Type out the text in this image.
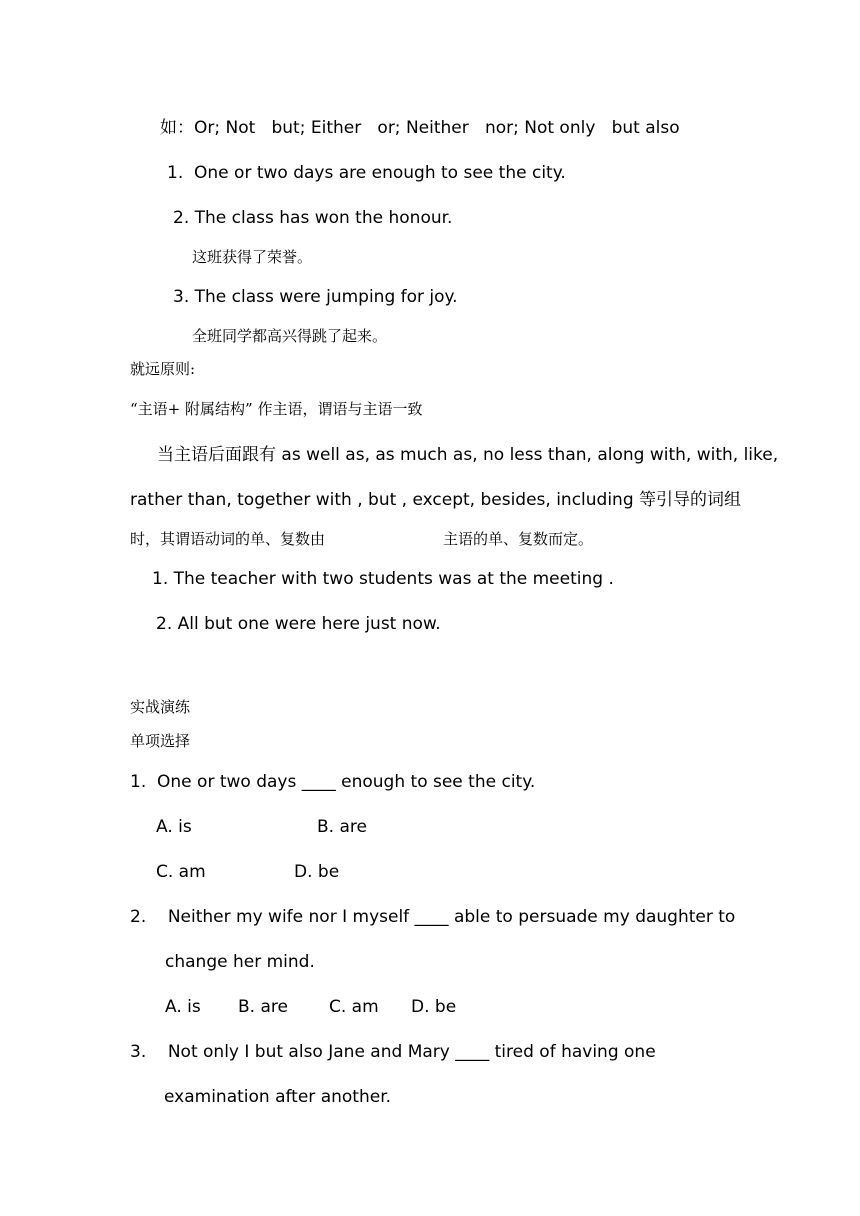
如：Or; Not   but; Either   or; Neither   nor; Not only   but also
1.  One or two days are enough to see the city.
2. The class has won the honour.
这班获得了荣誉。
3. The class were jumping for joy.
全班同学都高兴得跳了起来。
就远原则:
“主语+ 附属结构” 作主语，谓语与主语一致
当主语后面跟有 as well as, as much as, no less than, along with, with, like,
rather than, together with , but , except, besides, including 等引导的词组
时，其谓语动词的单、复数由	主语的单、复数而定。
1. The teacher with two students was at the meeting .
2. All but one were here just now.
实战演练
单项选择
1.  One or two days ____ enough to see the city.
A. is	B. are
C. am	D. be
2.    Neither my wife nor I myself ____ able to persuade my daughter to
change her mind.
A. is B. are C. am D. be
3.    Not only I but also Jane and Mary ____ tired of having one
examination after another.
